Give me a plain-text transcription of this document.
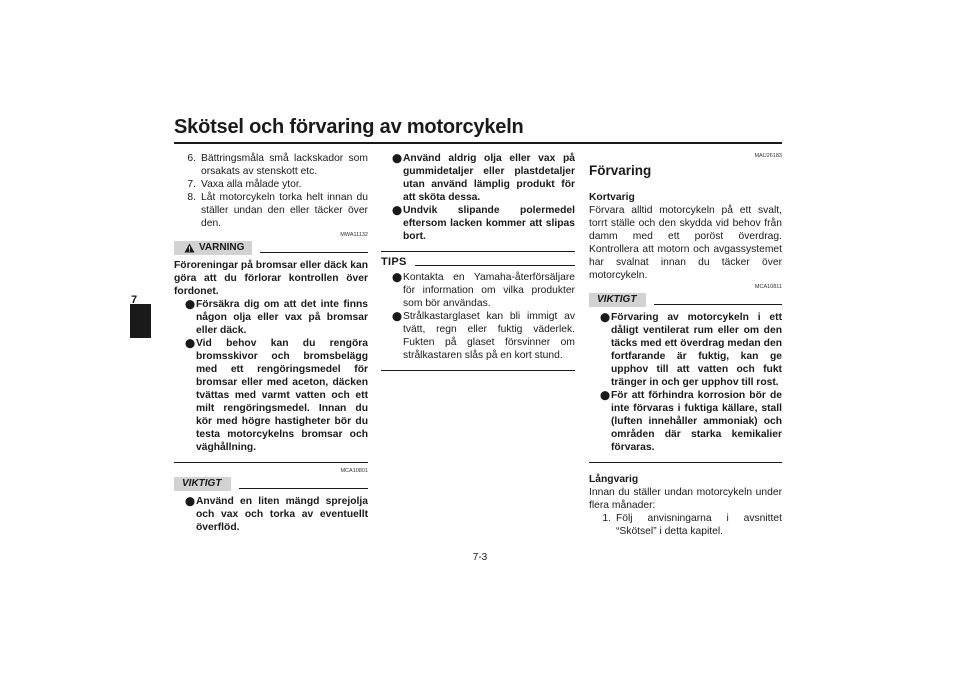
Skötsel och förvaring av motorcykeln
7
6. Bättringsmåla små lackskador som orsakats av stenskott etc.
7. Vaxa alla målade ytor.
8. Låt motorcykeln torka helt innan du ställer undan den eller täcker över den.
MWA11132
VARNING
Föroreningar på bromsar eller däck kan göra att du förlorar kontrollen över fordonet.
⬤ Försäkra dig om att det inte finns någon olja eller vax på bromsar eller däck.
⬤ Vid behov kan du rengöra bromsskivor och bromsbelägg med ett rengöringsmedel för bromsar eller med aceton, däcken tvättas med varmt vatten och ett milt rengöringsmedel. Innan du kör med högre hastigheter bör du testa motorcykelns bromsar och väghållning.
MCA10801
VIKTIGT
⬤ Använd en liten mängd sprejolja och vax och torka av eventuellt överflöd.
⬤ Använd aldrig olja eller vax på gummidetaljer eller plastdetaljer utan använd lämplig produkt för att sköta dessa.
⬤ Undvik slipande polermedel eftersom lacken kommer att slipas bort.
TIPS
⬤ Kontakta en Yamaha-återförsäljare för information om vilka produkter som bör användas.
⬤ Strålkastarglaset kan bli immigt av tvätt, regn eller fuktig väderlek. Fukten på glaset försvinner om strålkastaren slås på en kort stund.
MAU26183
Förvaring
Kortvarig
Förvara alltid motorcykeln på ett svalt, torrt ställe och den skydda vid behov från damm med ett poröst överdrag. Kontrollera att motorn och avgassystemet har svalnat innan du täcker över motorcykeln.
MCA10811
VIKTIGT
⬤ Förvaring av motorcykeln i ett dåligt ventilerat rum eller om den täcks med ett överdrag medan den fortfarande är fuktig, kan ge upphov till att vatten och fukt tränger in och ger upphov till rost.
⬤ För att förhindra korrosion bör de inte förvaras i fuktiga källare, stall (luften innehåller ammoniak) och områden där starka kemikalier förvaras.
Långvarig
Innan du ställer undan motorcykeln under flera månader:
1. Följ anvisningarna i avsnittet “Skötsel” i detta kapitel.
7-3
